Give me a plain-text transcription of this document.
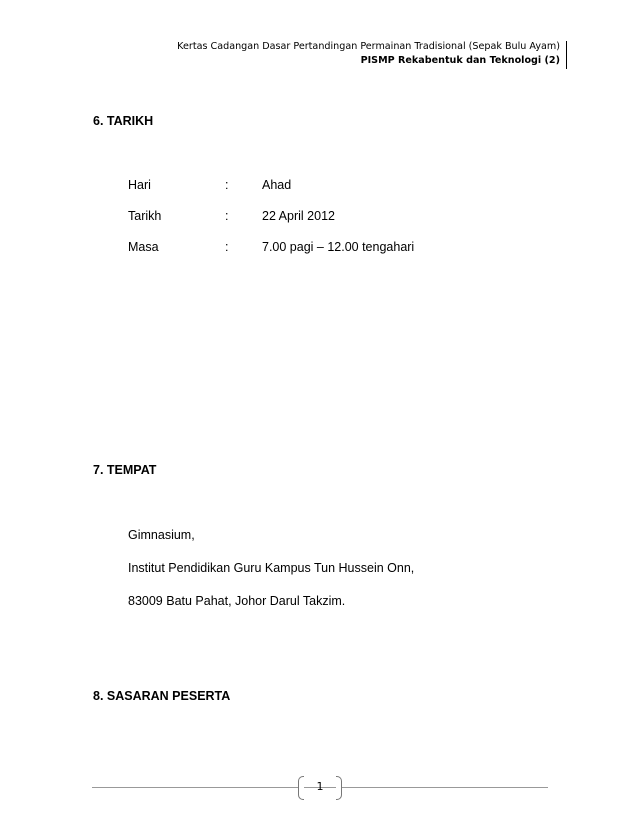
Kertas Cadangan Dasar Pertandingan Permainan Tradisional (Sepak Bulu Ayam)
PISMP Rekabentuk dan Teknologi (2)
6. TARIKH
Hari	:	Ahad
Tarikh	:	22 April 2012
Masa	:	7.00 pagi – 12.00 tengahari
7. TEMPAT
Gimnasium,
Institut Pendidikan Guru Kampus Tun Hussein Onn,
83009 Batu Pahat, Johor Darul Takzim.
8. SASARAN PESERTA
1
